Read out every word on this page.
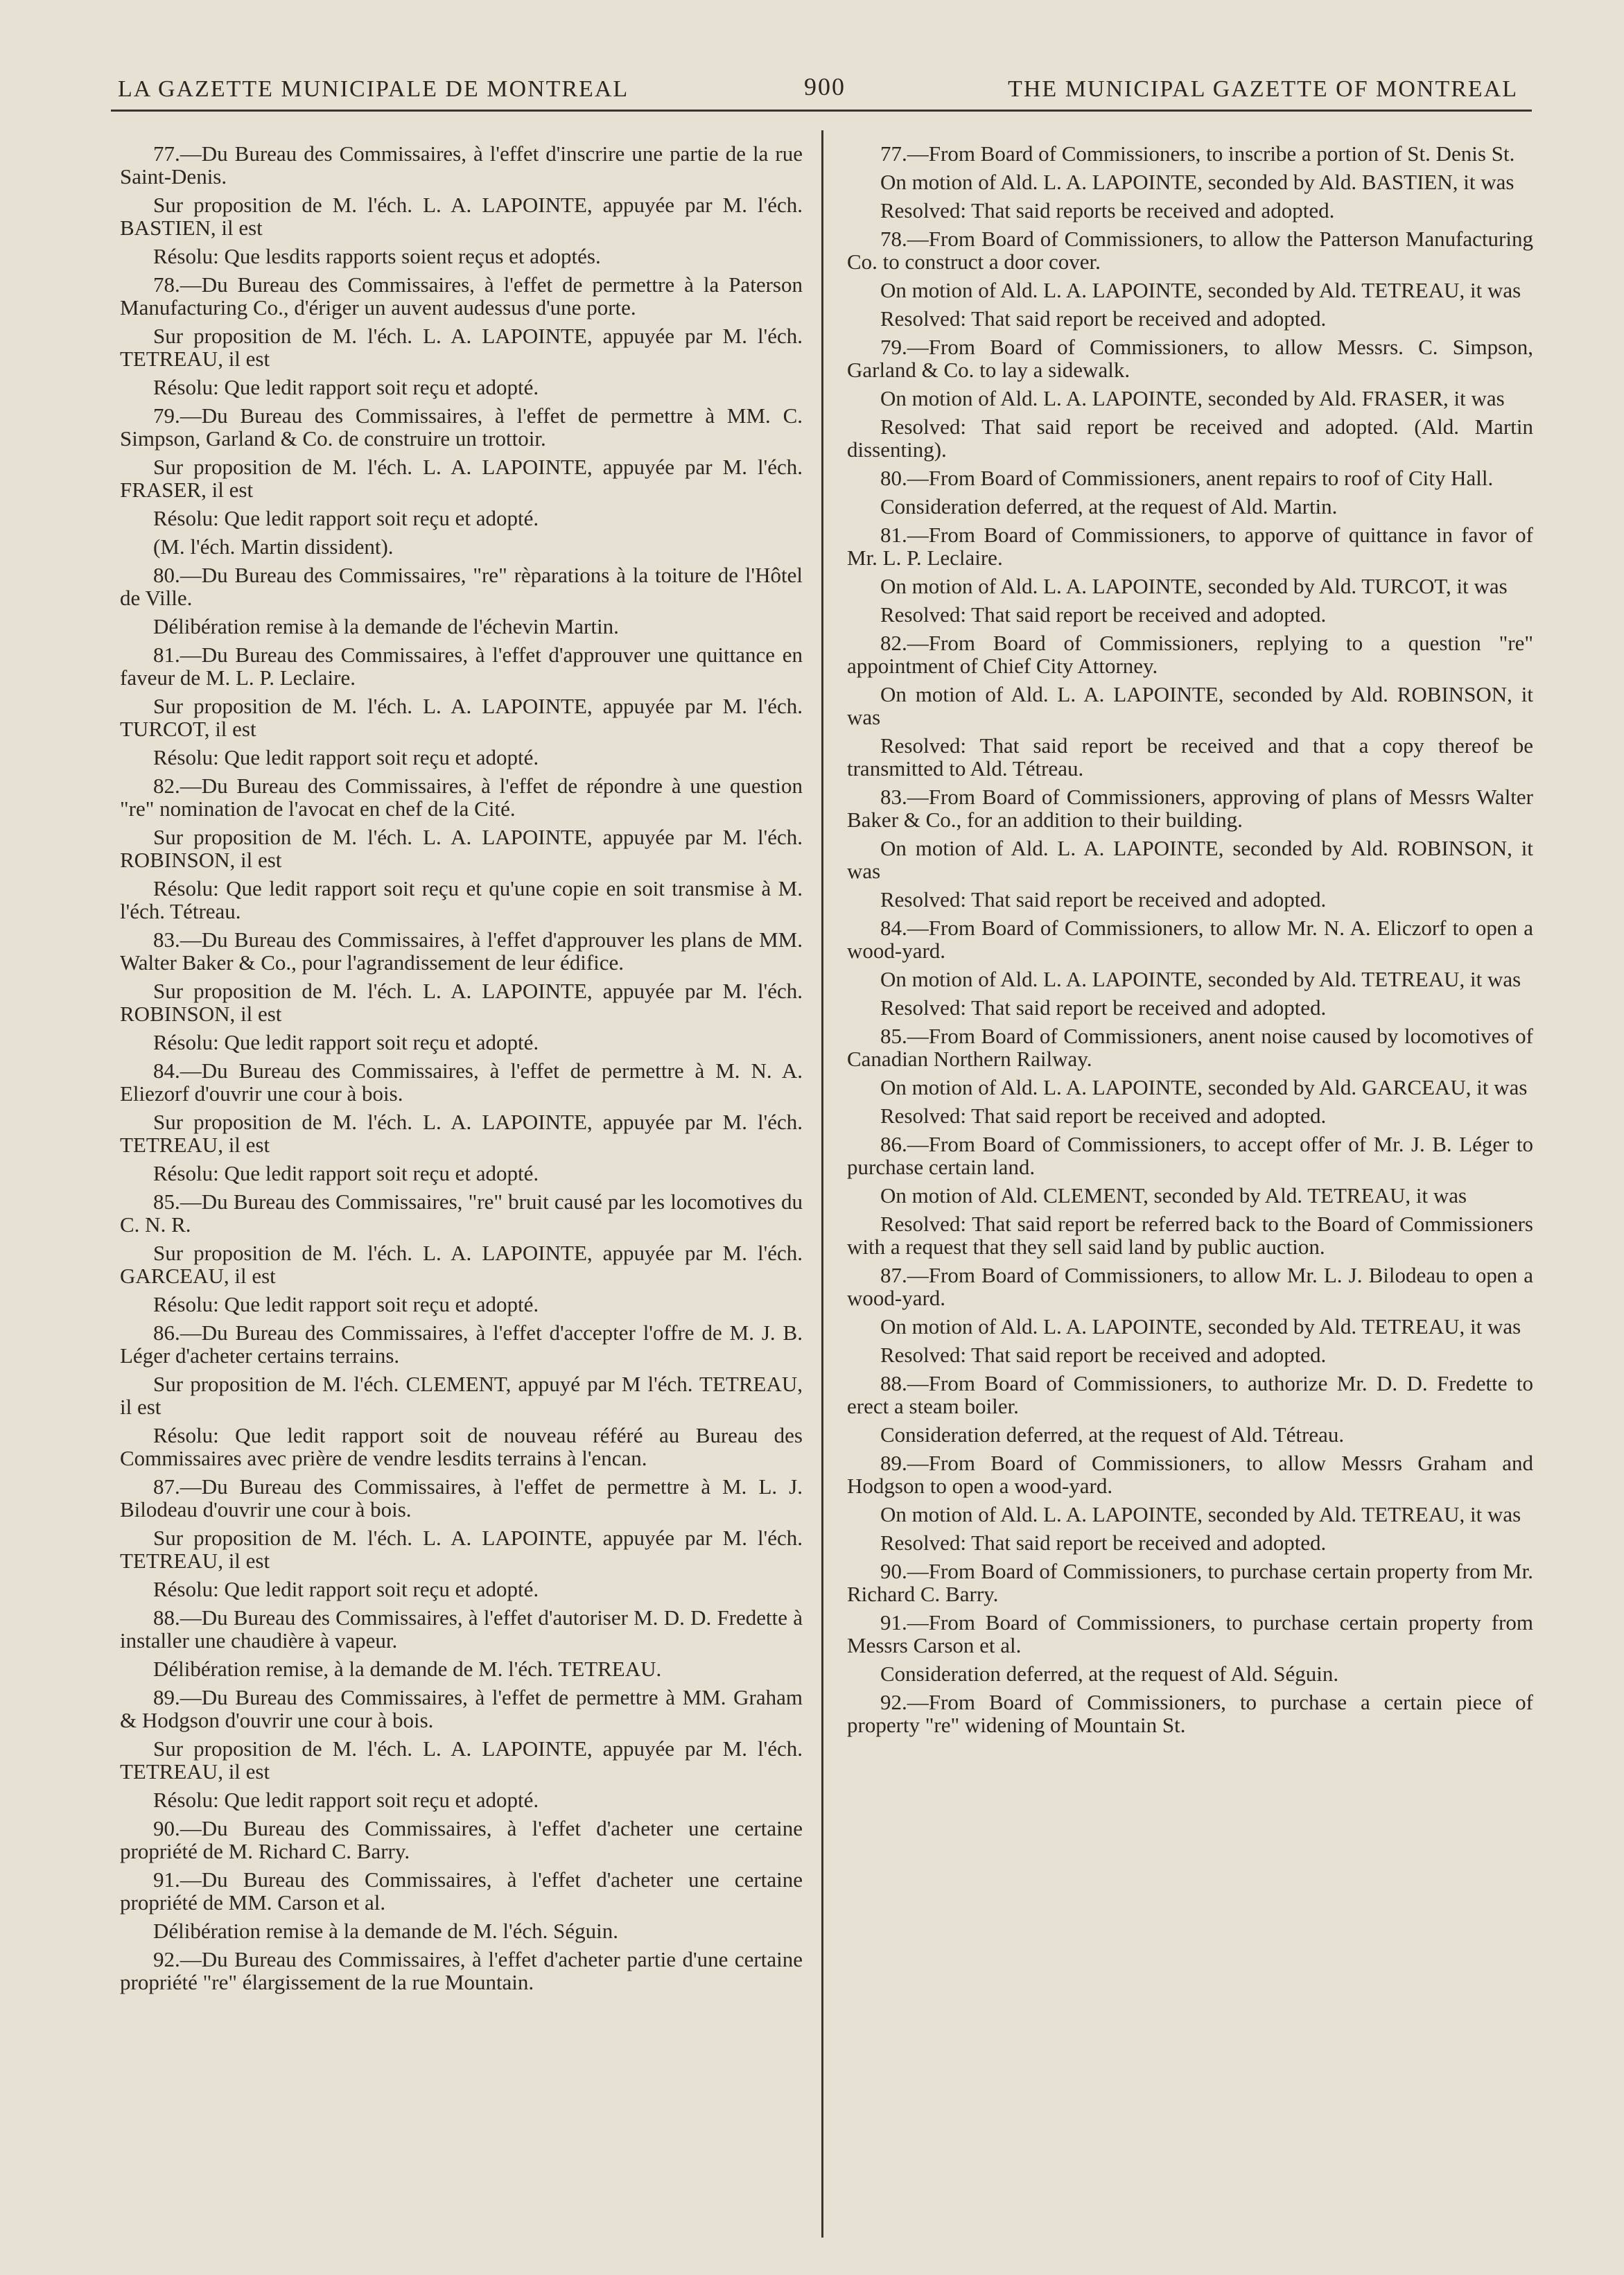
LA GAZETTE MUNICIPALE DE MONTREAL	900	THE MUNICIPAL GAZETTE OF MONTREAL

77.—Du Bureau des Commissaires, à l'effet d'inscrire une partie de la rue Saint-Denis.

Sur proposition de M. l'éch. L. A. LAPOINTE, appuyée par M. l'éch. BASTIEN, il est

Résolu: Que lesdits rapports soient reçus et adoptés.

78.—Du Bureau des Commissaires, à l'effet de permettre à la Paterson Manufacturing Co., d'ériger un auvent audessus d'une porte.

Sur proposition de M. l'éch. L. A. LAPOINTE, appuyée par M. l'éch. TETREAU, il est

Résolu: Que ledit rapport soit reçu et adopté.

79.—Du Bureau des Commissaires, à l'effet de permettre à MM. C. Simpson, Garland & Co. de construire un trottoir.

Sur proposition de M. l'éch. L. A. LAPOINTE, appuyée par M. l'éch. FRASER, il est

Résolu: Que ledit rapport soit reçu et adopté.

(M. l'éch. Martin dissident).

80.—Du Bureau des Commissaires, "re" rèparations à la toiture de l'Hôtel de Ville.

Délibération remise à la demande de l'échevin Martin.

81.—Du Bureau des Commissaires, à l'effet d'approuver une quittance en faveur de M. L. P. Leclaire.

Sur proposition de M. l'éch. L. A. LAPOINTE, appuyée par M. l'éch. TURCOT, il est

Résolu: Que ledit rapport soit reçu et adopté.

82.—Du Bureau des Commissaires, à l'effet de répondre à une question "re" nomination de l'avocat en chef de la Cité.

Sur proposition de M. l'éch. L. A. LAPOINTE, appuyée par M. l'éch. ROBINSON, il est

Résolu: Que ledit rapport soit reçu et qu'une copie en soit transmise à M. l'éch. Tétreau.

83.—Du Bureau des Commissaires, à l'effet d'approuver les plans de MM. Walter Baker & Co., pour l'agrandissement de leur édifice.

Sur proposition de M. l'éch. L. A. LAPOINTE, appuyée par M. l'éch. ROBINSON, il est

Résolu: Que ledit rapport soit reçu et adopté.

84.—Du Bureau des Commissaires, à l'effet de permettre à M. N. A. Eliezorf d'ouvrir une cour à bois.

Sur proposition de M. l'éch. L. A. LAPOINTE, appuyée par M. l'éch. TETREAU, il est

Résolu: Que ledit rapport soit reçu et adopté.

85.—Du Bureau des Commissaires, "re" bruit causé par les locomotives du C. N. R.

Sur proposition de M. l'éch. L. A. LAPOINTE, appuyée par M. l'éch. GARCEAU, il est

Résolu: Que ledit rapport soit reçu et adopté.

86.—Du Bureau des Commissaires, à l'effet d'accepter l'offre de M. J. B. Léger d'acheter certains terrains.

Sur proposition de M. l'éch. CLEMENT, appuyé par M l'éch. TETREAU, il est

Résolu: Que ledit rapport soit de nouveau référé au Bureau des Commissaires avec prière de vendre lesdits terrains à l'encan.

87.—Du Bureau des Commissaires, à l'effet de permettre à M. L. J. Bilodeau d'ouvrir une cour à bois.

Sur proposition de M. l'éch. L. A. LAPOINTE, appuyée par M. l'éch. TETREAU, il est

Résolu: Que ledit rapport soit reçu et adopté.

88.—Du Bureau des Commissaires, à l'effet d'autoriser M. D. D. Fredette à installer une chaudière à vapeur.

Délibération remise, à la demande de M. l'éch. TETREAU.

89.—Du Bureau des Commissaires, à l'effet de permettre à MM. Graham & Hodgson d'ouvrir une cour à bois.

Sur proposition de M. l'éch. L. A. LAPOINTE, appuyée par M. l'éch. TETREAU, il est

Résolu: Que ledit rapport soit reçu et adopté.

90.—Du Bureau des Commissaires, à l'effet d'acheter une certaine propriété de M. Richard C. Barry.

91.—Du Bureau des Commissaires, à l'effet d'acheter une certaine propriété de MM. Carson et al.

Délibération remise à la demande de M. l'éch. Séguin.

92.—Du Bureau des Commissaires, à l'effet d'acheter partie d'une certaine propriété "re" élargissement de la rue Mountain.

77.—From Board of Commissioners, to inscribe a portion of St. Denis St.

On motion of Ald. L. A. LAPOINTE, seconded by Ald. BASTIEN, it was

Resolved: That said reports be received and adopted.

78.—From Board of Commissioners, to allow the Patterson Manufacturing Co. to construct a door cover.

On motion of Ald. L. A. LAPOINTE, seconded by Ald. TETREAU, it was

Resolved: That said report be received and adopted.

79.—From Board of Commissioners, to allow Messrs. C. Simpson, Garland & Co. to lay a sidewalk.

On motion of Ald. L. A. LAPOINTE, seconded by Ald. FRASER, it was

Resolved: That said report be received and adopted. (Ald. Martin dissenting).

80.—From Board of Commissioners, anent repairs to roof of City Hall.

Consideration deferred, at the request of Ald. Martin.

81.—From Board of Commissioners, to apporve of quittance in favor of Mr. L. P. Leclaire.

On motion of Ald. L. A. LAPOINTE, seconded by Ald. TURCOT, it was

Resolved: That said report be received and adopted.

82.—From Board of Commissioners, replying to a question "re" appointment of Chief City Attorney.

On motion of Ald. L. A. LAPOINTE, seconded by Ald. ROBINSON, it was

Resolved: That said report be received and that a copy thereof be transmitted to Ald. Tétreau.

83.—From Board of Commissioners, approving of plans of Messrs Walter Baker & Co., for an addition to their building.

On motion of Ald. L. A. LAPOINTE, seconded by Ald. ROBINSON, it was

Resolved: That said report be received and adopted.

84.—From Board of Commissioners, to allow Mr. N. A. Eliczorf to open a wood-yard.

On motion of Ald. L. A. LAPOINTE, seconded by Ald. TETREAU, it was

Resolved: That said report be received and adopted.

85.—From Board of Commissioners, anent noise caused by locomotives of Canadian Northern Railway.

On motion of Ald. L. A. LAPOINTE, seconded by Ald. GARCEAU, it was

Resolved: That said report be received and adopted.

86.—From Board of Commissioners, to accept offer of Mr. J. B. Léger to purchase certain land.

On motion of Ald. CLEMENT, seconded by Ald. TETREAU, it was

Resolved: That said report be referred back to the Board of Commissioners with a request that they sell said land by public auction.

87.—From Board of Commissioners, to allow Mr. L. J. Bilodeau to open a wood-yard.

On motion of Ald. L. A. LAPOINTE, seconded by Ald. TETREAU, it was

Resolved: That said report be received and adopted.

88.—From Board of Commissioners, to authorize Mr. D. D. Fredette to erect a steam boiler.

Consideration deferred, at the request of Ald. Tétreau.

89.—From Board of Commissioners, to allow Messrs Graham and Hodgson to open a wood-yard.

On motion of Ald. L. A. LAPOINTE, seconded by Ald. TETREAU, it was

Resolved: That said report be received and adopted.

90.—From Board of Commissioners, to purchase certain property from Mr. Richard C. Barry.

91.—From Board of Commissioners, to purchase certain property from Messrs Carson et al.

Consideration deferred, at the request of Ald. Séguin.

92.—From Board of Commissioners, to purchase a certain piece of property "re" widening of Mountain St.
